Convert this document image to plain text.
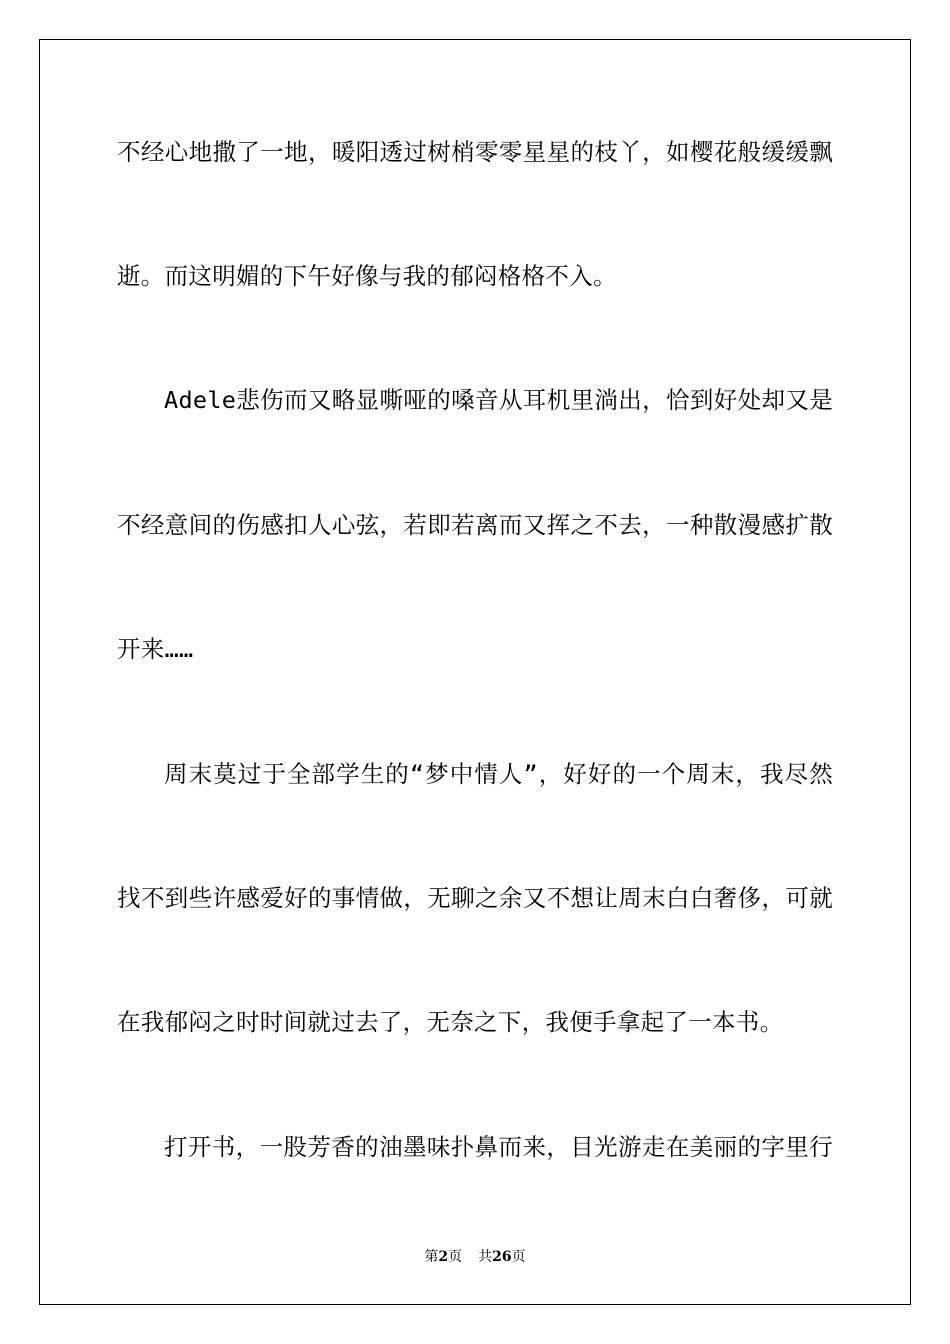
不经心地撒了一地，暖阳透过树梢零零星星的枝丫，如樱花般缓缓飘
逝。而这明媚的下午好像与我的郁闷格格不入。
Adele悲伤而又略显嘶哑的嗓音从耳机里淌出，恰到好处却又是
不经意间的伤感扣人心弦，若即若离而又挥之不去，一种散漫感扩散
开来……
周末莫过于全部学生的“梦中情人”，好好的一个周末，我尽然
找不到些许感爱好的事情做，无聊之余又不想让周末白白奢侈，可就
在我郁闷之时时间就过去了，无奈之下，我便手拿起了一本书。
打开书，一股芳香的油墨味扑鼻而来，目光游走在美丽的字里行
第2页 共26页
